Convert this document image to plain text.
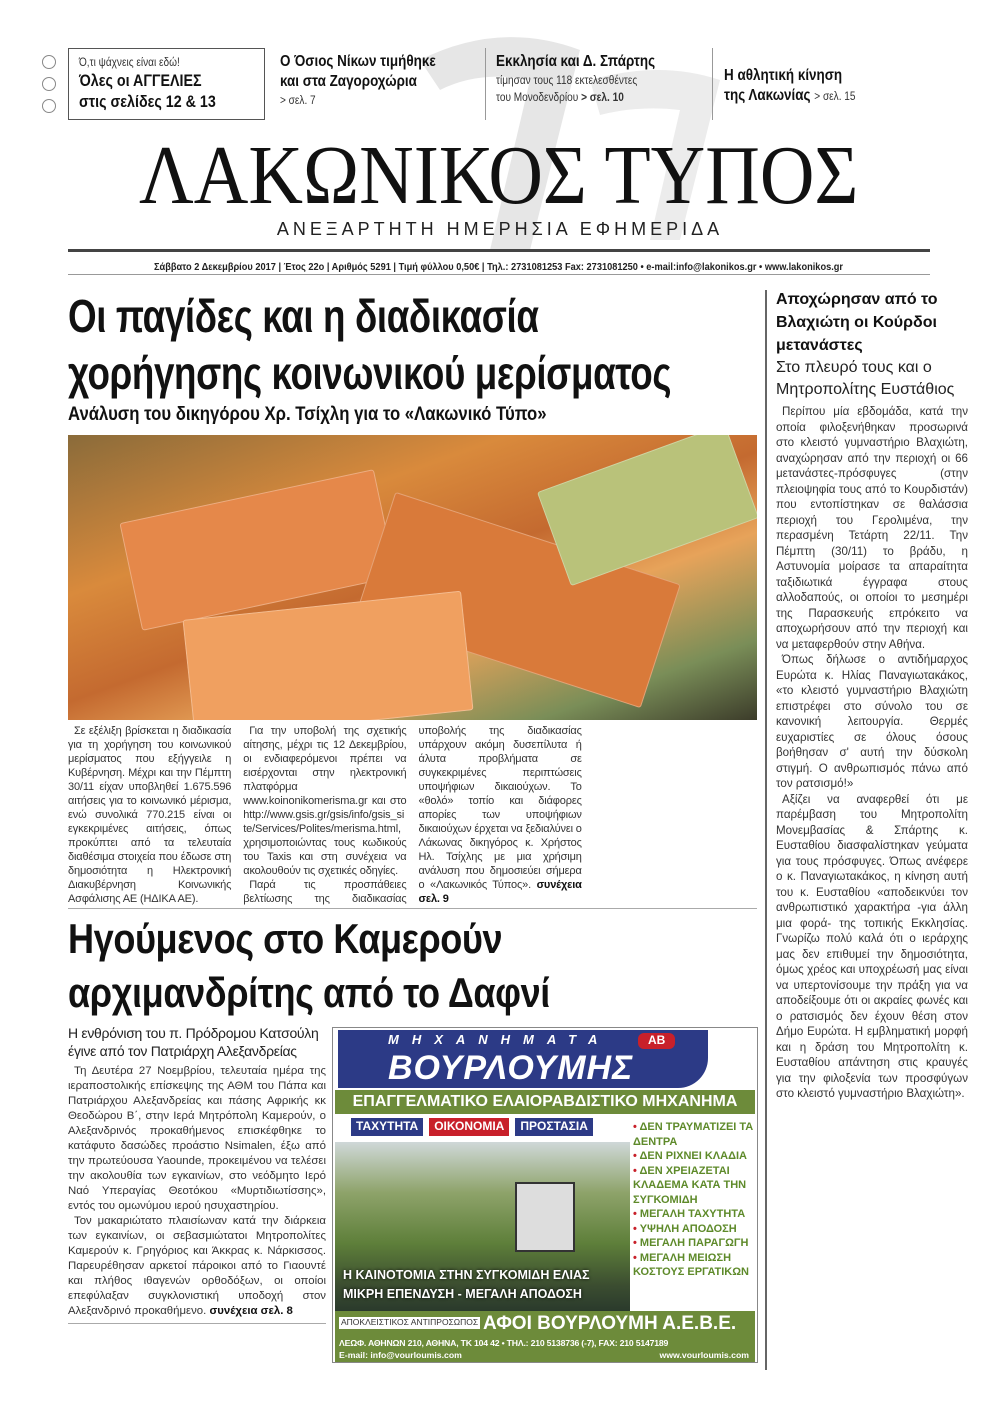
Ό,τι ψάχνεις είναι εδώ!
Όλες οι ΑΓΓΕΛΙΕΣ
στις σελίδες 12 & 13
Ο Όσιος Νίκων τιμήθηκε
και στα Ζαγοροχώρια
> σελ. 7
Εκκλησία και Δ. Σπάρτης
τίμησαν τους 118 εκτελεσθέντες
του Μονοδενδρίου > σελ. 10
Η αθλητική κίνηση
της Λακωνίας > σελ. 15
ΛΑΚΩΝΙΚΟΣ ΤΥΠΟΣ
ΑΝΕΞΑΡΤΗΤΗ ΗΜΕΡΗΣΙΑ ΕΦΗΜΕΡΙΔΑ
Σάββατο 2 Δεκεμβρίου 2017 | Έτος 22ο | Αριθμός 5291 | Τιμή φύλλου 0,50€ | Τηλ.: 2731081253 Fax: 2731081250 • e-mail:info@lakonikos.gr • www.lakonikos.gr
Οι παγίδες και η διαδικασία
χορήγησης κοινωνικού μερίσματος
Ανάλυση του δικηγόρου Χρ. Τσίχλη για το «Λακωνικό Τύπο»

Σε εξέλιξη βρίσκεται η διαδικασία για τη χορήγηση του κοινωνικού μερίσματος που εξήγγειλε η Κυβέρνηση. Μέχρι και την Πέμπτη 30/11 είχαν υποβληθεί 1.675.596 αιτήσεις για το κοινωνικό μέρισμα, ενώ συνολικά 770.215 είναι οι εγκεκριμένες αιτήσεις, όπως προκύπτει από τα τελευταία διαθέσιμα στοιχεία που έδωσε στη δημοσιότητα η Ηλεκτρονική Διακυβέρνηση Κοινωνικής Ασφάλισης ΑΕ (ΗΔΙΚΑ ΑΕ).

Για την υποβολή της σχετικής αίτησης, μέχρι τις 12 Δεκεμβρίου, οι ενδιαφερόμενοι πρέπει να εισέρχονται στην ηλεκτρονική πλατφόρμα www.koinonikomerisma.gr και στο http://www.gsis.gr/gsis/info/gsis_site/Services/Polites/merisma.html, χρησιμοποιώντας τους κωδικούς του Taxis και στη συνέχεια να ακολουθούν τις σχετικές οδηγίες.

Παρά τις προσπάθειες βελτίωσης της διαδικασίας υποβολής της διαδικασίας υπάρχουν ακόμη δυσεπίλυτα ή άλυτα προβλήματα σε συγκεκριμένες περιπτώσεις υποψήφιων δικαιούχων. Το «θολό» τοπίο και διάφορες απορίες των υποψήφιων δικαιούχων έρχεται να ξεδιαλύνει ο Λάκωνας δικηγόρος κ. Χρήστος Ηλ. Τσίχλης με μια χρήσιμη ανάλυση που δημοσιεύει σήμερα ο «Λακωνικός Τύπος». συνέχεια σελ. 9

Αποχώρησαν από το Βλαχιώτη οι Κούρδοι μετανάστες
Στο πλευρό τους και ο Μητροπολίτης Ευστάθιος

Περίπου μία εβδομάδα, κατά την οποία φιλοξενήθηκαν προσωρινά στο κλειστό γυμναστήριο Βλαχιώτη, αναχώρησαν από την περιοχή οι 66 μετανάστες-πρόσφυγες (στην πλειοψηφία τους από το Κουρδιστάν) που εντοπίστηκαν σε θαλάσσια περιοχή του Γερολιμένα, την περασμένη Τετάρτη 22/11. Την Πέμπτη (30/11) το βράδυ, η Αστυνομία μοίρασε τα απαραίτητα ταξιδιωτικά έγγραφα στους αλλοδαπούς, οι οποίοι το μεσημέρι της Παρασκευής επρόκειτο να αποχωρήσουν από την περιοχή και να μεταφερθούν στην Αθήνα.

Όπως δήλωσε ο αντιδήμαρχος Ευρώτα κ. Ηλίας Παναγιωτακάκος, «το κλειστό γυμναστήριο Βλαχιώτη επιστρέφει στο σύνολο του σε κανονική λειτουργία. Θερμές ευχαριστίες σε όλους όσους βοήθησαν σ' αυτή την δύσκολη στιγμή. Ο ανθρωπισμός πάνω από τον ρατσισμό!»

Αξίζει να αναφερθεί ότι με παρέμβαση του Μητροπολίτη Μονεμβασίας & Σπάρτης κ. Ευσταθίου διασφαλίστηκαν γεύματα για τους πρόσφυγες. Όπως ανέφερε ο κ. Παναγιωτακάκος, η κίνηση αυτή του κ. Ευσταθίου «αποδεικνύει τον ανθρωπιστικό χαρακτήρα -για άλλη μια φορά- της τοπικής Εκκλησίας. Γνωρίζω πολύ καλά ότι ο ιεράρχης μας δεν επιθυμεί την δημοσιότητα, όμως χρέος και υποχρέωσή μας είναι να υπερτονίσουμε την πράξη για να αποδείξουμε ότι οι ακραίες φωνές και ο ρατσισμός δεν έχουν θέση στον Δήμο Ευρώτα. Η εμβληματική μορφή και η δράση του Μητροπολίτη κ. Ευσταθίου απάντηση στις κραυγές για την φιλοξενία των προσφύγων στο κλειστό γυμναστήριο Βλαχιώτη».

Ηγούμενος στο Καμερούν
αρχιμανδρίτης από το Δαφνί
Η ενθρόνιση του π. Πρόδρομου Κατσούλη έγινε από τον Πατριάρχη Αλεξανδρείας

Τη Δευτέρα 27 Νοεμβρίου, τελευταία ημέρα της ιεραποστολικής επίσκεψης της ΑΘΜ του Πάπα και Πατριάρχου Αλεξανδρείας και πάσης Αφρικής κκ Θεοδώρου Β΄, στην Ιερά Μητρόπολη Καμερούν, ο Αλεξανδρινός προκαθήμενος επισκέφθηκε το κατάφυτο δασώδες προάστιο Nsimalen, έξω από την πρωτεύουσα Yaounde, προκειμένου να τελέσει την ακολουθία των εγκαινίων, στο νεόδμητο Ιερό Ναό Υπεραγίας Θεοτόκου «Μυρτιδιωτίσσης», εντός του ομωνύμου ιερού ησυχαστηρίου.

Τον μακαριώτατο πλαισίωναν κατά την διάρκεια των εγκαινίων, οι σεβασμιώτατοι Μητροπολίτες Καμερούν κ. Γρηγόριος και Άκκρας κ. Νάρκισσος. Παρευρέθησαν αρκετοί πάροικοι από το Γιαουντέ και πλήθος ιθαγενών ορθοδόξων, οι οποίοι επεφύλαξαν συγκλονιστική υποδοχή στον Αλεξανδρινό προκαθήμενο. συνέχεια σελ. 8

ΜΗΧΑΝΗΜΑΤΑ
ΒΟΥΡΛΟΥΜΗΣ
ΑΒ
ΕΠΑΓΓΕΛΜΑΤΙΚΟ ΕΛΑΙΟΡΑΒΔΙΣΤΙΚΟ ΜΗΧΑΝΗΜΑ
ΤΑΧΥΤΗΤΑ	ΟΙΚΟΝΟΜΙΑ	ΠΡΟΣΤΑΣΙΑ
Η ΚΑΙΝΟΤΟΜΙΑ ΣΤΗΝ ΣΥΓΚΟΜΙΔΗ ΕΛΙΑΣ
ΜΙΚΡΗ ΕΠΕΝΔΥΣΗ - ΜΕΓΑΛΗ ΑΠΟΔΟΣΗ
• ΔΕΝ ΤΡΑΥΜΑΤΙΖΕΙ ΤΑ ΔΕΝΤΡΑ
• ΔΕΝ ΡΙΧΝΕΙ ΚΛΑΔΙΑ
• ΔΕΝ ΧΡΕΙΑΖΕΤΑΙ ΚΛΑΔΕΜΑ ΚΑΤΑ ΤΗΝ ΣΥΓΚΟΜΙΔΗ
• ΜΕΓΑΛΗ ΤΑΧΥΤΗΤΑ
• ΥΨΗΛΗ ΑΠΟΔΟΣΗ
• ΜΕΓΑΛΗ ΠΑΡΑΓΩΓΗ
• ΜΕΓΑΛΗ ΜΕΙΩΣΗ ΚΟΣΤΟΥΣ ΕΡΓΑΤΙΚΩΝ
ΑΠΟΚΛΕΙΣΤΙΚΟΣ ΑΝΤΙΠΡΟΣΩΠΟΣ ΑΦΟΙ ΒΟΥΡΛΟΥΜΗ Α.Ε.Β.Ε.
ΛΕΩΦ. ΑΘΗΝΩΝ 210, ΑΘΗΝΑ, ΤΚ 104 42 • ΤΗΛ.: 210 5138736 (-7), FAX: 210 5147189
E-mail: info@vourloumis.com	www.vourloumis.com
